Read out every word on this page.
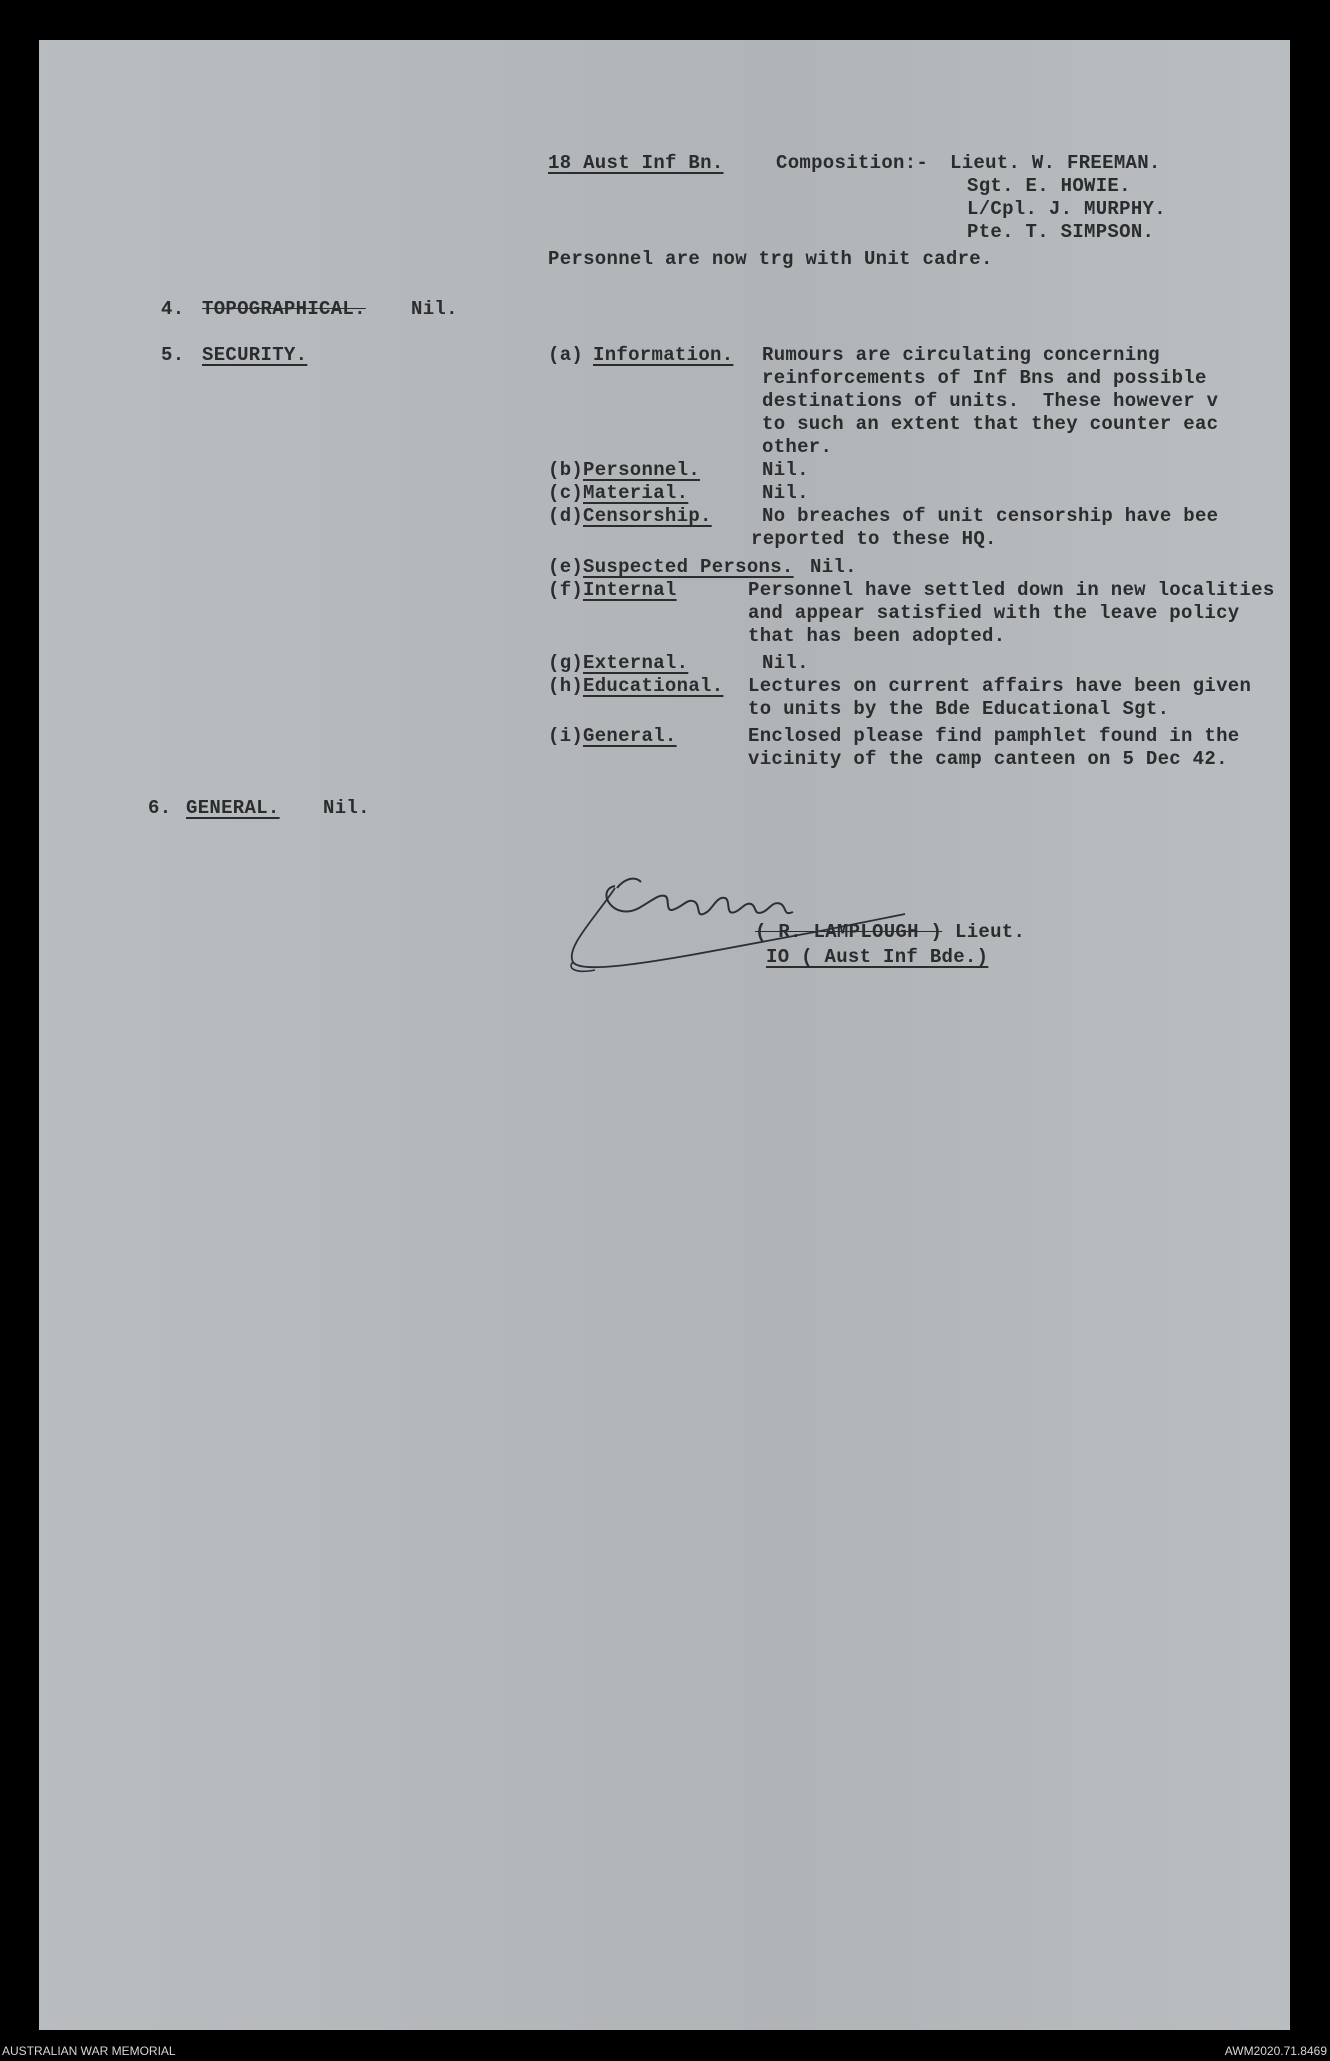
18 Aust Inf Bn.	Composition:- Lieut. W. FREEMAN.
Sgt. E. HOWIE.
L/Cpl. J. MURPHY.
Pte. T. SIMPSON.
Personnel are now trg with Unit cadre.
4. TOPOGRAPHICAL. Nil.
5. SECURITY.	(a) Information. Rumours are circulating concerning
reinforcements of Inf Bns and possible
destinations of units.  These however v
to such an extent that they counter eac
other.
(b) Personnel.	Nil.
(c) Material.	Nil.
(d) Censorship.	No breaches of unit censorship have bee
reported to these HQ.
(e) Suspected Persons. Nil.
(f) Internal	Personnel have settled down in new localities
and appear satisfied with the leave policy
that has been adopted.
(g) External.	Nil.
(h) Educational. Lectures on current affairs have been given
to units by the Bde Educational Sgt.
(i) General.	Enclosed please find pamphlet found in the
vicinity of the camp canteen on 5 Dec 42.
6. GENERAL. Nil.
( R. LAMPLOUGH ) Lieut.
IO ( Aust Inf Bde.)
AUSTRALIAN WAR MEMORIAL	AWM2020.71.8469
